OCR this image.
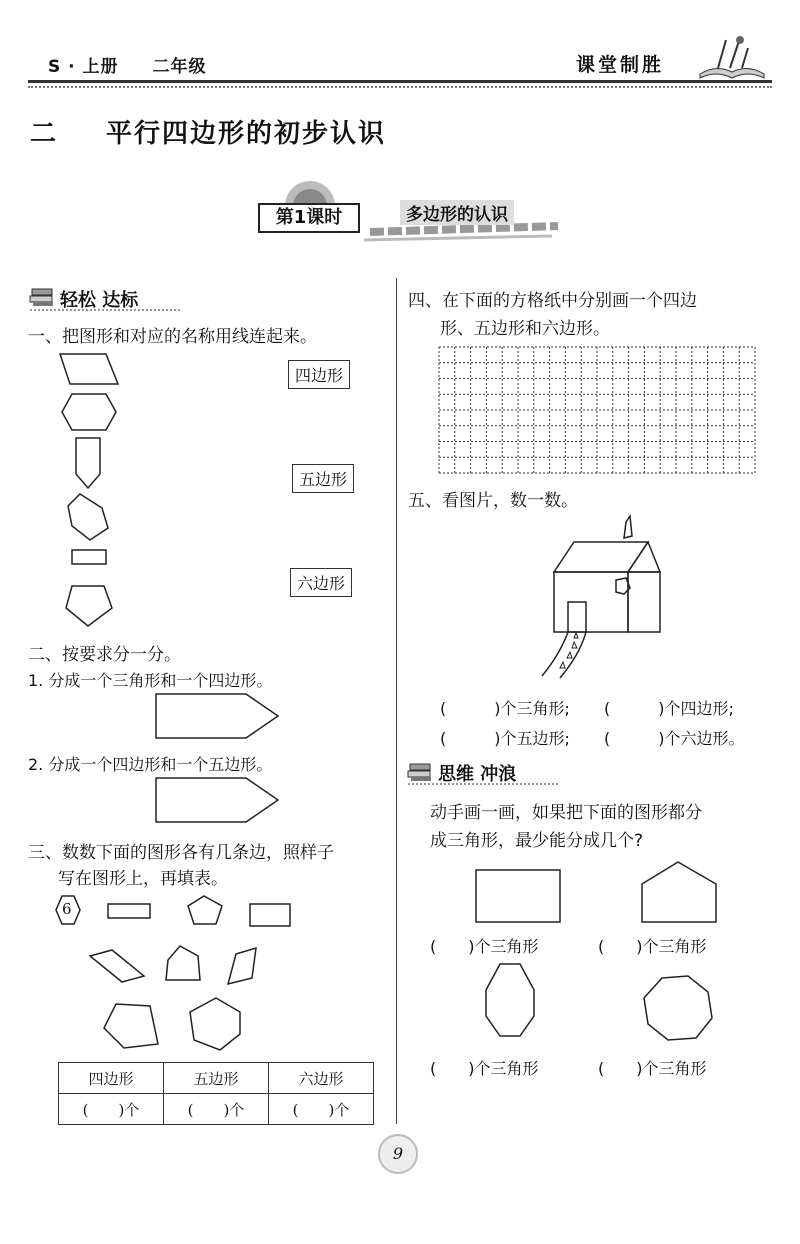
S · 上册 二年级	课堂制胜
二 平行四边形的初步认识
第1课时	多边形的认识
轻松 达标
一、把图形和对应的名称用线连起来。
四边形
五边形
六边形
二、按要求分一分。
1. 分成一个三角形和一个四边形。
2. 分成一个四边形和一个五边形。
三、数数下面的图形各有几条边，照样子
写在图形上，再填表。
6
四边形	五边形	六边形
(　　)个	(　　)个	(　　)个
四、在下面的方格纸中分别画一个四边
形、五边形和六边形。
五、看图片，数一数。
(　　　)个三角形; (　　　)个四边形;
(　　　)个五边形; (　　　)个六边形。
思维 冲浪
动手画一画，如果把下面的图形都分
成三角形，最少能分成几个?
(　　)个三角形	(　　)个三角形
(　　)个三角形	(　　)个三角形
9
